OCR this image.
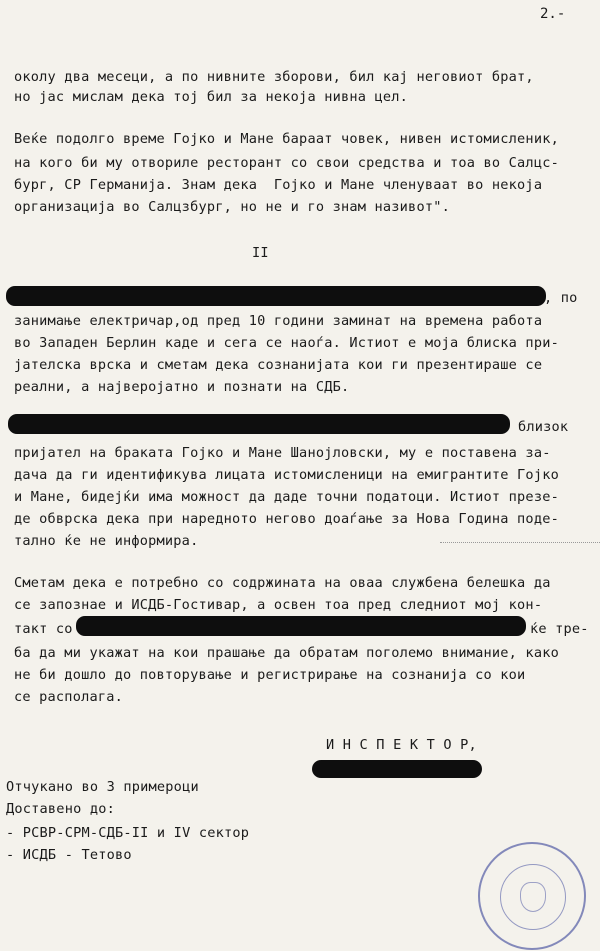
2.-
околу два месеци, а по нивните зборови, бил кај неговиот брат,
но јас мислам дека тој бил за некоја нивна цел.
Веќе подолго време Гојко и Мане бараат човек, нивен истомисленик,
на кого би му отвориле ресторант со свои средства и тоа во Салцс-
бург, СР Германија. Знам дека  Гојко и Мане членуваат во некоја
организација во Салцзбург, но не и го знам називот".
II
, по
занимање електричар,од пред 10 години заминат на времена работа
во Западен Берлин каде и сега се наоѓа. Истиот е моја блиска при-
јателска врска и сметам дека сознанијата кои ги презентираше се
реални, а најверојатно и познати на СДБ.
близок
пријател на браката Гојко и Мане Шанојловски, му е поставена за-
дача да ги идентификува лицата истомисленици на емигрантите Гојко
и Мане, бидејќи има можност да даде точни податоци. Истиот презе-
де обврска дека при наредното негово доаѓање за Нова Година поде-
тално ќе не информира.
Сметам дека е потребно со содржината на оваа службена белешка да
се запознае и ИСДБ-Гостивар, а освен тоа пред следниот мој кон-
такт со	ќе тре-
ба да ми укажат на кои прашање да обратам поголемо внимание, како
не би дошло до повторување и регистрирање на сознанија со кои
се располага.
И Н С П Е К Т О Р,
Отчукано во 3 примероци
Доставено до:
- РСВР-СРМ-СДБ-II и IV сектор
- ИСДБ - Тетово
